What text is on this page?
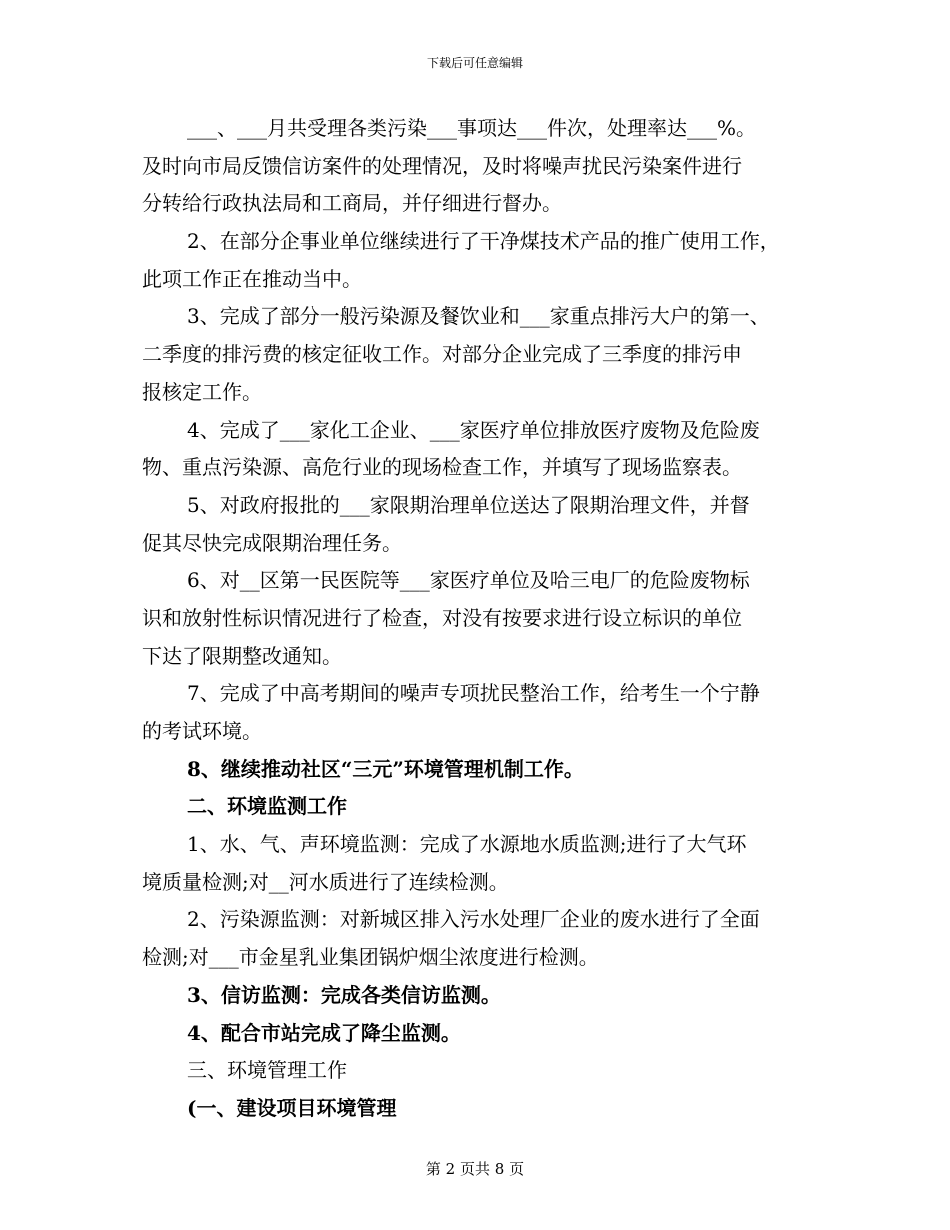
下载后可任意编辑
___、___月共受理各类污染___事项达___件次，处理率达___%。
及时向市局反馈信访案件的处理情况，及时将噪声扰民污染案件进行
分转给行政执法局和工商局，并仔细进行督办。
2、在部分企事业单位继续进行了干净煤技术产品的推广使用工作，
此项工作正在推动当中。
3、完成了部分一般污染源及餐饮业和___家重点排污大户的第一、
二季度的排污费的核定征收工作。对部分企业完成了三季度的排污申
报核定工作。
4、完成了___家化工企业、___家医疗单位排放医疗废物及危险废
物、重点污染源、高危行业的现场检查工作，并填写了现场监察表。
5、对政府报批的___家限期治理单位送达了限期治理文件，并督
促其尽快完成限期治理任务。
6、对__区第一民医院等___家医疗单位及哈三电厂的危险废物标
识和放射性标识情况进行了检查，对没有按要求进行设立标识的单位
下达了限期整改通知。
7、完成了中高考期间的噪声专项扰民整治工作，给考生一个宁静
的考试环境。
8、继续推动社区“三元”环境管理机制工作。
二、环境监测工作
1、水、气、声环境监测：完成了水源地水质监测;进行了大气环
境质量检测;对__河水质进行了连续检测。
2、污染源监测：对新城区排入污水处理厂企业的废水进行了全面
检测;对___市金星乳业集团锅炉烟尘浓度进行检测。
3、信访监测：完成各类信访监测。
4、配合市站完成了降尘监测。
三、环境管理工作
(一、建设项目环境管理
第 2 页共 8 页
